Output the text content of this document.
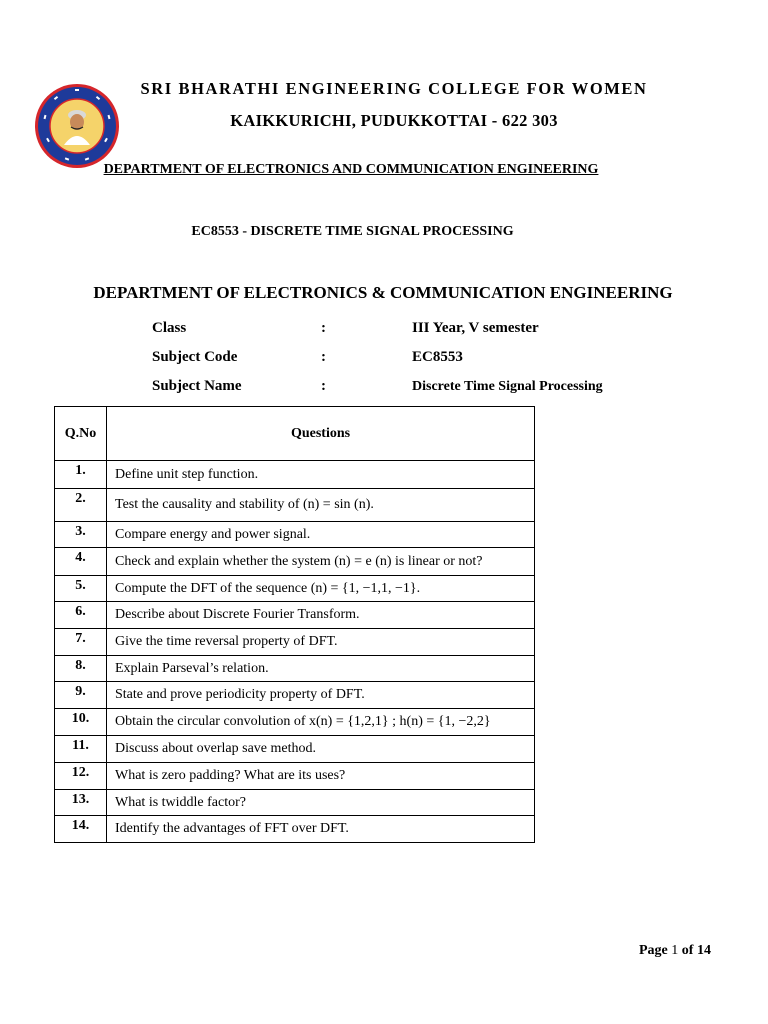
SRI BHARATHI ENGINEERING COLLEGE FOR WOMEN
KAIKKURICHI, PUDUKKOTTAI - 622 303
DEPARTMENT OF ELECTRONICS AND COMMUNICATION ENGINEERING
EC8553 - DISCRETE TIME SIGNAL PROCESSING
DEPARTMENT OF ELECTRONICS & COMMUNICATION ENGINEERING
Class	:	III Year, V semester
Subject Code	:	EC8553
Subject Name	:	Discrete Time Signal Processing
Q.No	Questions
1.	Define unit step function.
2.	Test the causality and stability of (n) = sin (n).
3.	Compare energy and power signal.
4.	Check and explain whether the system (n) = e (n) is linear or not?
5.	Compute the DFT of the sequence (n) = {1, −1,1, −1}.
6.	Describe about Discrete Fourier Transform.
7.	Give the time reversal property of DFT.
8.	Explain Parseval’s relation.
9.	State and prove periodicity property of DFT.
10.	Obtain the circular convolution of x(n) = {1,2,1} ; h(n) = {1, −2,2}
11.	Discuss about overlap save method.
12.	What is zero padding? What are its uses?
13.	What is twiddle factor?
14.	Identify the advantages of FFT over DFT.
Page 1 of 14
